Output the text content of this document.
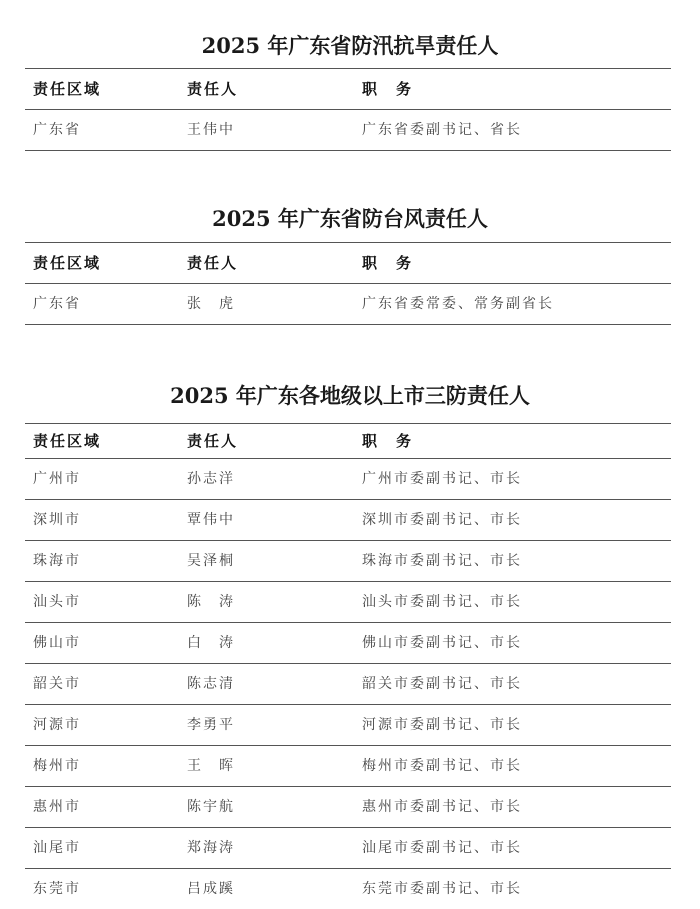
2025 年广东省防汛抗旱责任人
责任区域	责任人	职　务
广东省	王伟中	广东省委副书记、省长
2025 年广东省防台风责任人
责任区域	责任人	职　务
广东省	张　虎	广东省委常委、常务副省长
2025 年广东各地级以上市三防责任人
责任区域	责任人	职　务
广州市	孙志洋	广州市委副书记、市长
深圳市	覃伟中	深圳市委副书记、市长
珠海市	吴泽桐	珠海市委副书记、市长
汕头市	陈　涛	汕头市委副书记、市长
佛山市	白　涛	佛山市委副书记、市长
韶关市	陈志清	韶关市委副书记、市长
河源市	李勇平	河源市委副书记、市长
梅州市	王　晖	梅州市委副书记、市长
惠州市	陈宇航	惠州市委副书记、市长
汕尾市	郑海涛	汕尾市委副书记、市长
东莞市	吕成蹊	东莞市委副书记、市长
